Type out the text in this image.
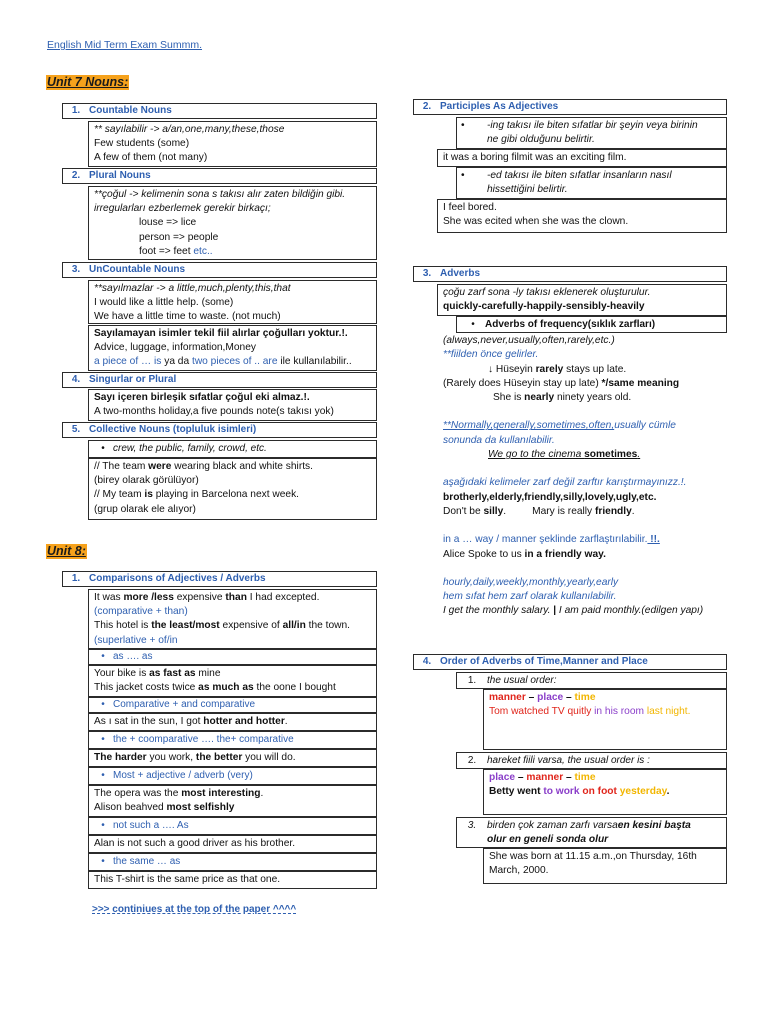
English Mid Term Exam Summm.
Unit 7 Nouns:
1. Countable Nouns
** sayılabilir -> a/an,one,many,these,those
Few students (some)
A few of them (not many)
2. Plural Nouns
**çoğul -> kelimenin sona s takısı alır zaten bildiğin gibi.
irregularları ezberlemek gerekir birkaçı;
louse => lice
person => people
foot => feet etc..
3. UnCountable Nouns
**sayılmazlar -> a little,much,plenty,this,that
I would like a little help. (some)
We have a little time to waste. (not much)
Sayılamayan isimler tekil fiil alırlar çoğulları yoktur.!.
Advice, luggage, information,Money
a piece of … is ya da two pieces of .. are ile kullanılabilir..
4. Singurlar or Plural
Sayı içeren birleşik sıfatlar çoğul eki almaz.!.
A two-months holiday,a five pounds note(s takısı yok)
5. Collective Nouns (topluluk isimleri)
• crew, the public, family, crowd, etc.
// The team were wearing black and white shirts.
(birey olarak görülüyor)
// My team is playing in Barcelona next week.
(grup olarak ele alıyor)
Unit 8:
1. Comparisons of Adjectives / Adverbs
It was more /less expensive than I had excepted.
(comparative + than)
This hotel is the least/most expensive of all/in the town.
(superlative + of/in
• as …. as
Your bike is as fast as mine
This jacket costs twice as much as the oone I bought
• Comparative + and comparative
As ı sat in the sun, I got hotter and hotter.
• the + coomparative …. the+ comparative
The harder you work, the better you will do.
• Most + adjective / adverb (very)
The opera was the most interesting.
Alison beahved most selfishly
• not such a …. As
Alan is not such a good driver as his brother.
• the same … as
This T-shirt is the same price as that one.
>>> continiues at the top of the paper ^^^^
2. Participles As Adjectives
•	-ing takısı ile biten sıfatlar bir şeyin veya birinin
ne gibi olduğunu belirtir.
it was a boring filmit was an exciting film.
•	-ed takısı ile biten sıfatlar insanların nasıl
hissettiğini belirtir.
I feel bored.
She was ecited when she was the clown.
3. Adverbs
çoğu zarf sona -ly takısı eklenerek oluşturulur.
quickly-carefully-happily-sensibly-heavily
•	Adverbs of frequency(sıklık zarfları)
(always,never,usually,often,rarely,etc.)
**fiilden önce gelirler.
↓ Hüseyin rarely stays up late.
(Rarely does Hüseyin stay up late) */same meaning
She is nearly ninety years old.
**Normally,generally,sometimes,often,usually cümle
sonunda da kullanılabilir.
We go to the cinema sometimes.
aşağıdaki kelimeler zarf değil zarftır karıştırmayınızz.!.
brotherly,elderly,friendly,silly,lovely,ugly,etc.
Don't be silly.	Mary is really friendly.
in a … way / manner şeklinde zarflaştırılabilir. !!.
Alice Spoke to us in a friendly way.
hourly,daily,weekly,monthly,yearly,early
hem sıfat hem zarf olarak kullanılabilir.
I get the monthly salary. | I am paid monthly.(edilgen yapı)
4. Order of Adverbs of Time,Manner and Place
1.	the usual order:
manner – place – time
Tom watched TV quitly in his room last night.
2.	hareket fiili varsa, the usual order is :
place – manner – time
Betty went to work on foot yesterday.
3.	birden çok zaman zarfı varsa en kesini başta
olur en geneli sonda olur
She was born at 11.15 a.m.,on Thursday, 16th
March, 2000.
